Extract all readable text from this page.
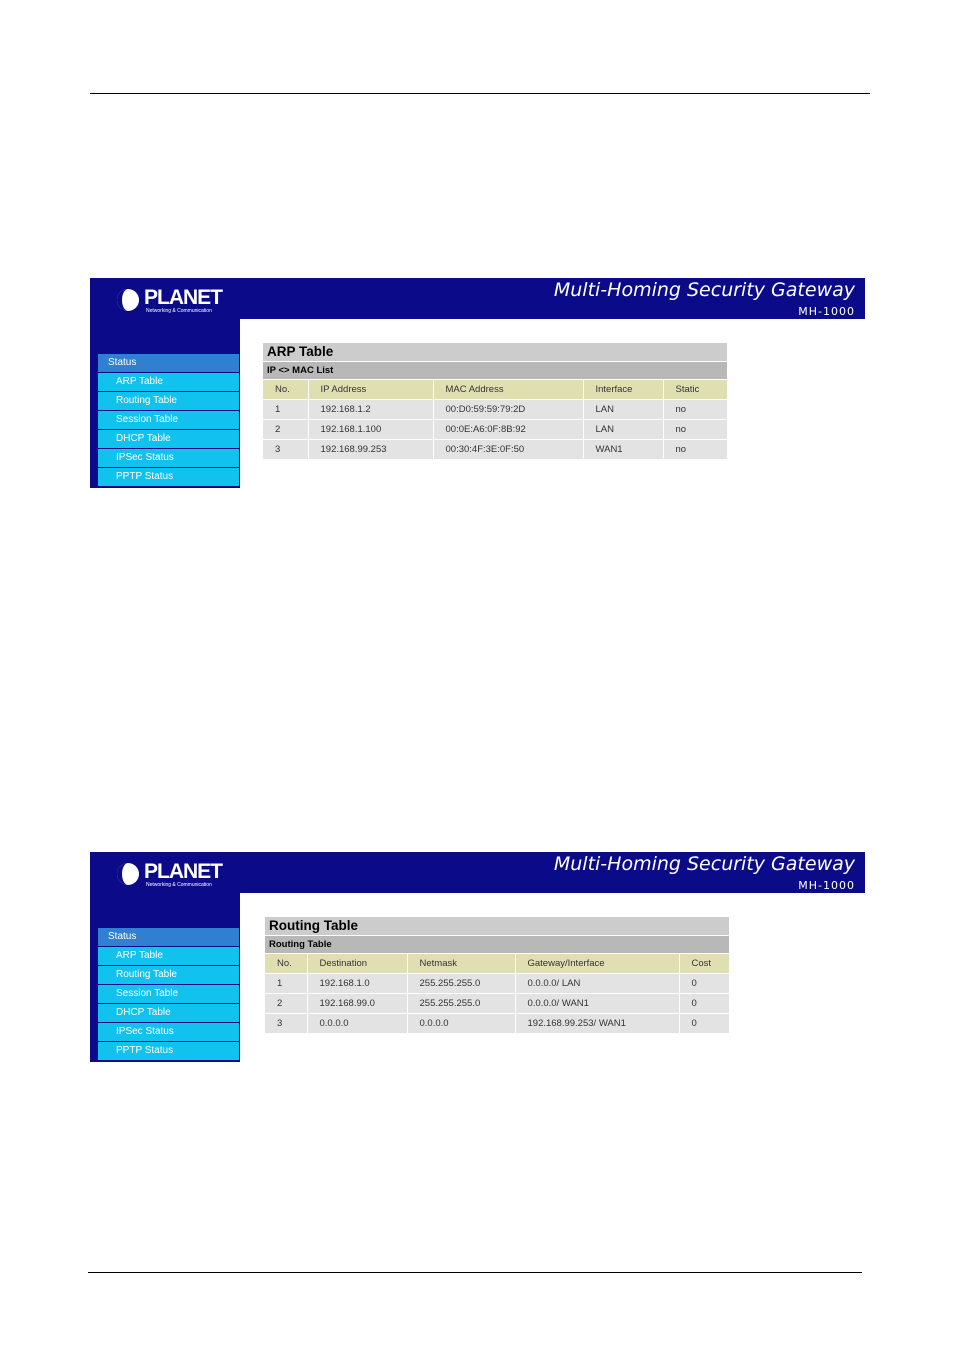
PLANET
Networking & Communication
Multi-Homing Security Gateway
MH-1000
Status
ARP Table
Routing Table
Session Table
DHCP Table
IPSec Status
PPTP Status
ARP Table
IP <> MAC List
No.	IP Address	MAC Address	Interface	Static
1	192.168.1.2	00:D0:59:59:79:2D	LAN	no
2	192.168.1.100	00:0E:A6:0F:8B:92	LAN	no
3	192.168.99.253	00:30:4F:3E:0F:50	WAN1	no
PLANET
Networking & Communication
Multi-Homing Security Gateway
MH-1000
Status
ARP Table
Routing Table
Session Table
DHCP Table
IPSec Status
PPTP Status
Routing Table
Routing Table
No.	Destination	Netmask	Gateway/Interface	Cost
1	192.168.1.0	255.255.255.0	0.0.0.0/ LAN	0
2	192.168.99.0	255.255.255.0	0.0.0.0/ WAN1	0
3	0.0.0.0	0.0.0.0	192.168.99.253/ WAN1	0
